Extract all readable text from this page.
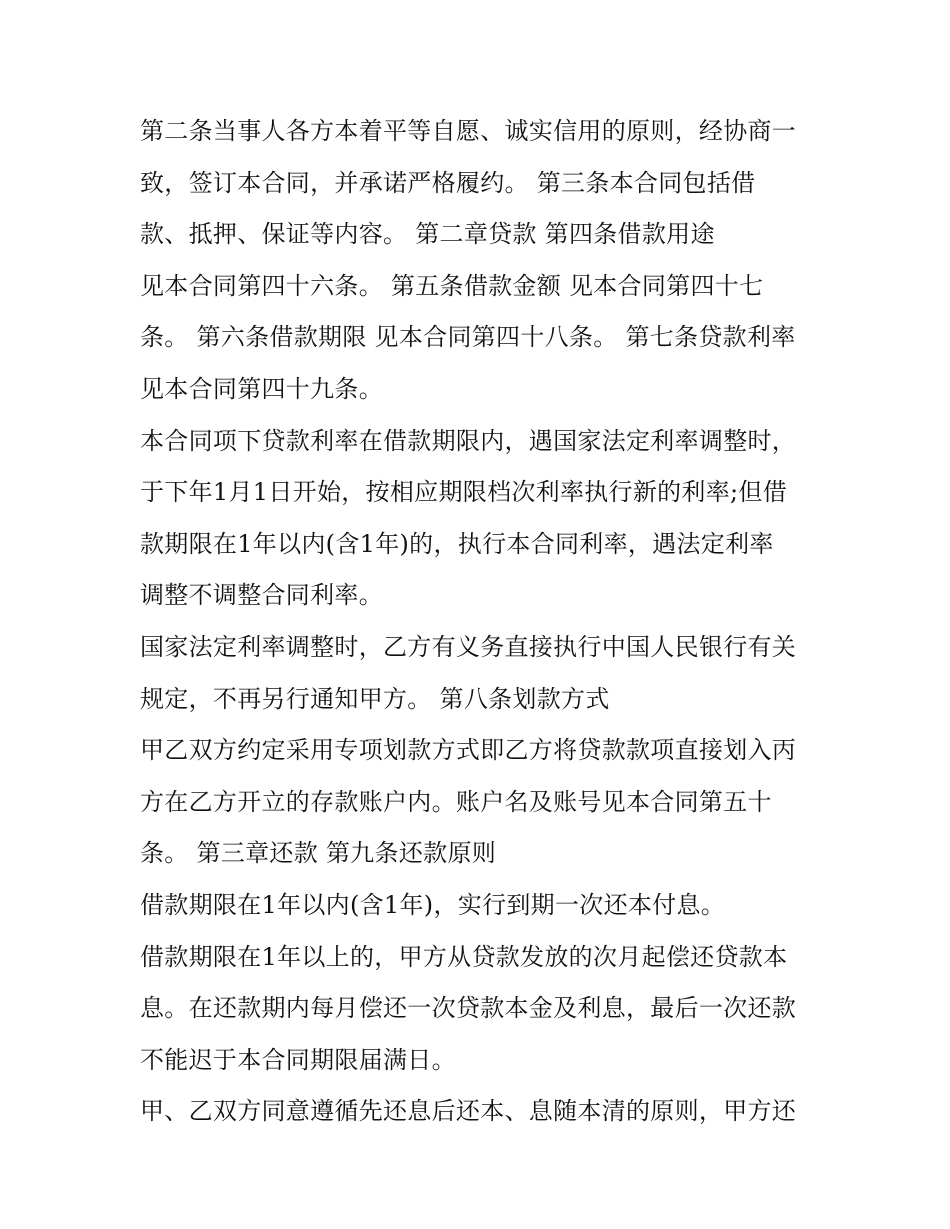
第二条当事人各方本着平等自愿、诚实信用的原则，经协商一
致，签订本合同，并承诺严格履约。 第三条本合同包括借
款、抵押、保证等内容。 第二章贷款 第四条借款用途
见本合同第四十六条。 第五条借款金额 见本合同第四十七
条。 第六条借款期限 见本合同第四十八条。 第七条贷款利率
见本合同第四十九条。
本合同项下贷款利率在借款期限内，遇国家法定利率调整时，
于下年1月1日开始，按相应期限档次利率执行新的利率;但借
款期限在1年以内(含1年)的，执行本合同利率，遇法定利率
调整不调整合同利率。
国家法定利率调整时，乙方有义务直接执行中国人民银行有关
规定，不再另行通知甲方。 第八条划款方式
甲乙双方约定采用专项划款方式即乙方将贷款款项直接划入丙
方在乙方开立的存款账户内。账户名及账号见本合同第五十
条。 第三章还款 第九条还款原则
借款期限在1年以内(含1年)，实行到期一次还本付息。
借款期限在1年以上的，甲方从贷款发放的次月起偿还贷款本
息。在还款期内每月偿还一次贷款本金及利息，最后一次还款
不能迟于本合同期限届满日。
甲、乙双方同意遵循先还息后还本、息随本清的原则，甲方还
